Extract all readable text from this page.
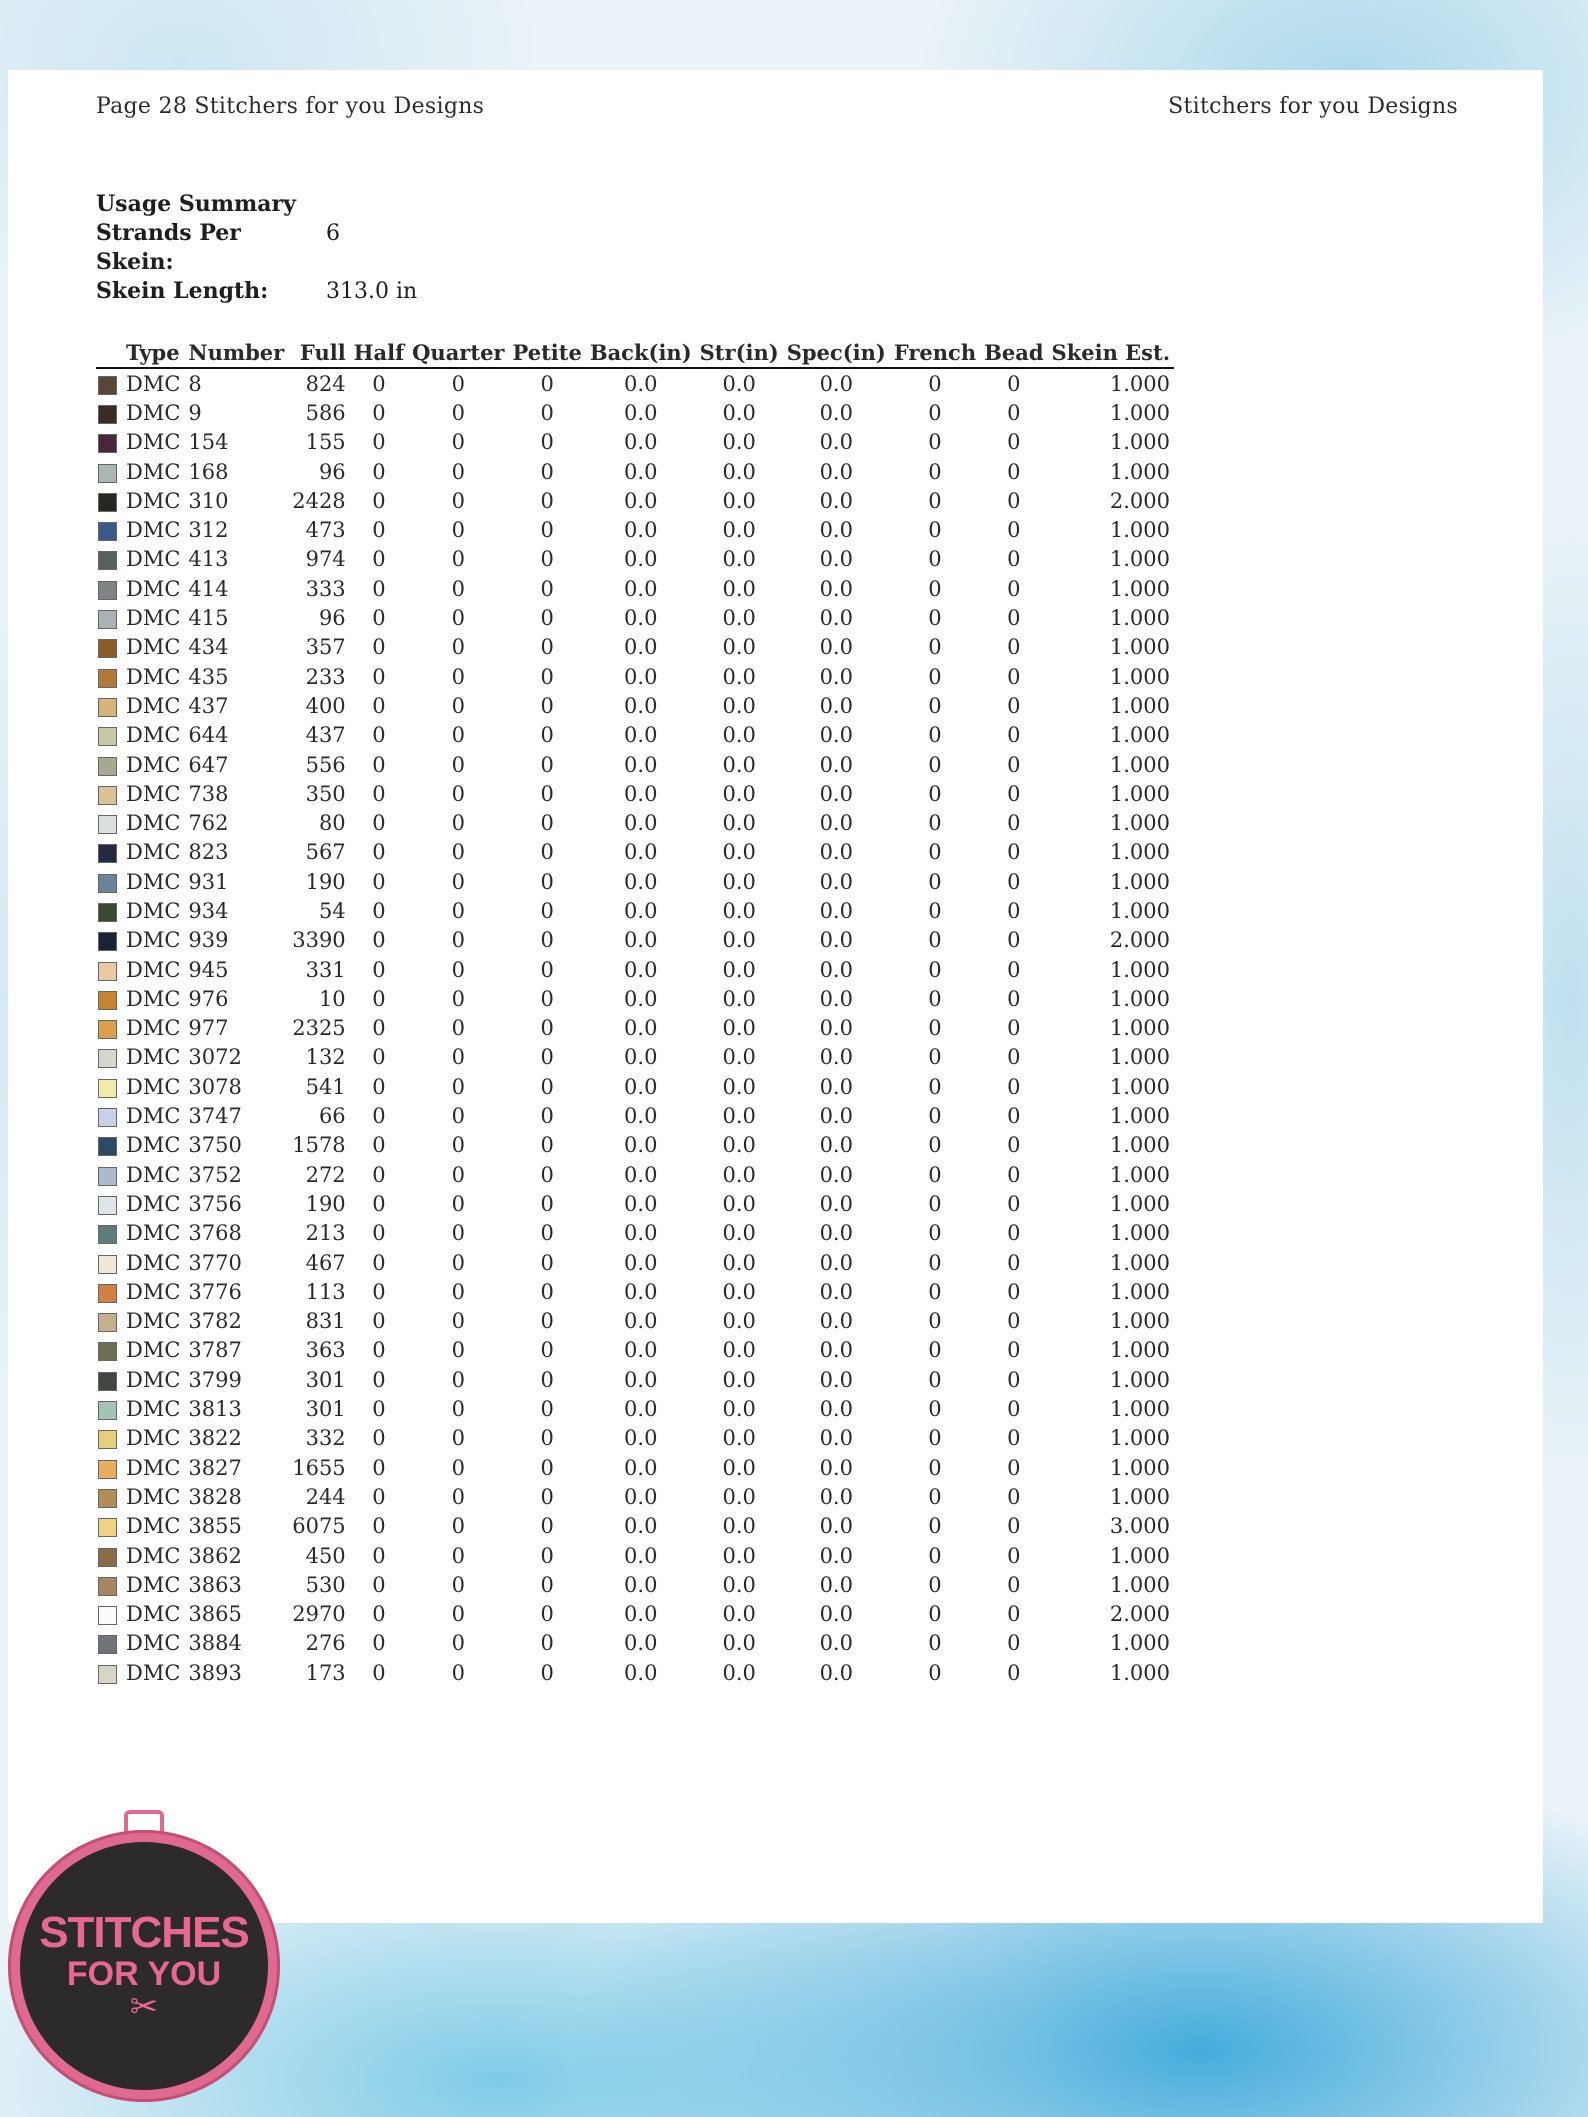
Page 28 Stitchers for you Designs	Stitchers for you Designs
Usage Summary
Strands Per Skein:
6
Skein Length:	313.0 in
	Type	Number	Full	Half	Quarter	Petite	Back(in)	Str(in)	Spec(in)	French	Bead	Skein Est.
	DMC	8	824	0	0	0	0.0	0.0	0.0	0	0	1.000
	DMC	9	586	0	0	0	0.0	0.0	0.0	0	0	1.000
	DMC	154	155	0	0	0	0.0	0.0	0.0	0	0	1.000
	DMC	168	96	0	0	0	0.0	0.0	0.0	0	0	1.000
	DMC	310	2428	0	0	0	0.0	0.0	0.0	0	0	2.000
	DMC	312	473	0	0	0	0.0	0.0	0.0	0	0	1.000
	DMC	413	974	0	0	0	0.0	0.0	0.0	0	0	1.000
	DMC	414	333	0	0	0	0.0	0.0	0.0	0	0	1.000
	DMC	415	96	0	0	0	0.0	0.0	0.0	0	0	1.000
	DMC	434	357	0	0	0	0.0	0.0	0.0	0	0	1.000
	DMC	435	233	0	0	0	0.0	0.0	0.0	0	0	1.000
	DMC	437	400	0	0	0	0.0	0.0	0.0	0	0	1.000
	DMC	644	437	0	0	0	0.0	0.0	0.0	0	0	1.000
	DMC	647	556	0	0	0	0.0	0.0	0.0	0	0	1.000
	DMC	738	350	0	0	0	0.0	0.0	0.0	0	0	1.000
	DMC	762	80	0	0	0	0.0	0.0	0.0	0	0	1.000
	DMC	823	567	0	0	0	0.0	0.0	0.0	0	0	1.000
	DMC	931	190	0	0	0	0.0	0.0	0.0	0	0	1.000
	DMC	934	54	0	0	0	0.0	0.0	0.0	0	0	1.000
	DMC	939	3390	0	0	0	0.0	0.0	0.0	0	0	2.000
	DMC	945	331	0	0	0	0.0	0.0	0.0	0	0	1.000
	DMC	976	10	0	0	0	0.0	0.0	0.0	0	0	1.000
	DMC	977	2325	0	0	0	0.0	0.0	0.0	0	0	1.000
	DMC	3072	132	0	0	0	0.0	0.0	0.0	0	0	1.000
	DMC	3078	541	0	0	0	0.0	0.0	0.0	0	0	1.000
	DMC	3747	66	0	0	0	0.0	0.0	0.0	0	0	1.000
	DMC	3750	1578	0	0	0	0.0	0.0	0.0	0	0	1.000
	DMC	3752	272	0	0	0	0.0	0.0	0.0	0	0	1.000
	DMC	3756	190	0	0	0	0.0	0.0	0.0	0	0	1.000
	DMC	3768	213	0	0	0	0.0	0.0	0.0	0	0	1.000
	DMC	3770	467	0	0	0	0.0	0.0	0.0	0	0	1.000
	DMC	3776	113	0	0	0	0.0	0.0	0.0	0	0	1.000
	DMC	3782	831	0	0	0	0.0	0.0	0.0	0	0	1.000
	DMC	3787	363	0	0	0	0.0	0.0	0.0	0	0	1.000
	DMC	3799	301	0	0	0	0.0	0.0	0.0	0	0	1.000
	DMC	3813	301	0	0	0	0.0	0.0	0.0	0	0	1.000
	DMC	3822	332	0	0	0	0.0	0.0	0.0	0	0	1.000
	DMC	3827	1655	0	0	0	0.0	0.0	0.0	0	0	1.000
	DMC	3828	244	0	0	0	0.0	0.0	0.0	0	0	1.000
	DMC	3855	6075	0	0	0	0.0	0.0	0.0	0	0	3.000
	DMC	3862	450	0	0	0	0.0	0.0	0.0	0	0	1.000
	DMC	3863	530	0	0	0	0.0	0.0	0.0	0	0	1.000
	DMC	3865	2970	0	0	0	0.0	0.0	0.0	0	0	2.000
	DMC	3884	276	0	0	0	0.0	0.0	0.0	0	0	1.000
	DMC	3893	173	0	0	0	0.0	0.0	0.0	0	0	1.000
STITCHES
FOR YOU
✂
